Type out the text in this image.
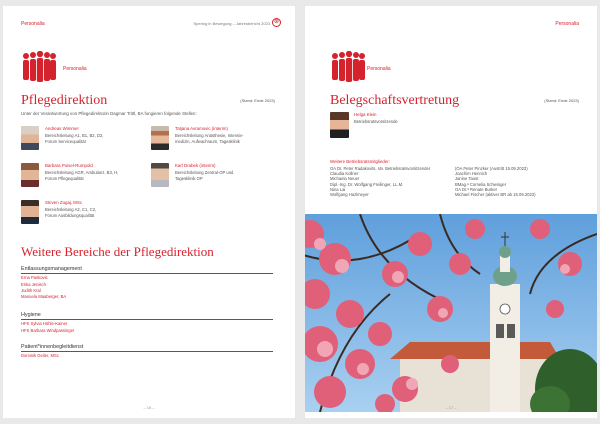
Personalia	Spering in Bewegung – Jahresbericht 2023 ⊗
Personalia
Pflegedirektion	(Stand: Ende 2023)
Unter der Verantwortung von Pflegedirektorin Dagmar Trittl, BA fungieren folgende Stellen:
Andreas Wimmer
Bereichsleitung A1, B1, B2, D2,
Forum Servicequalität
Tatjana Avramovic (interim)
Bereichsleitung Anästhesie, Intensiv-
medizin, Aufwachraum, Tagesklinik
Barbara Poisel-Rumpold
Bereichsleitung AGR, Ambulanz, B3, H,
Forum Pflegequalität
Karl Drabek (interim)
Bereichsleitung Zentral-OP und
Tagesklinik OP
Steven Zugaj, MSc
Bereichsleitung A2, C1, C2,
Forum Ausbildungsqualität
Weitere Bereiche der Pflegedirektion
Entlassungsmanagement
Erna Paskovic
Erika Jenisch
Judith Kral
Manuela Maaberger, BA
Hygiene
HFK Sylvia Höhle-Kainer
HFK Barbara Windpassinger
Patient*innenbegleitdienst
Dominik Geiler, MSc
– 16 –
Personalia
Personalia
Belegschaftsvertretung	(Stand: Ende 2023)
Helga Klein
Betriebsratsvorsitzende
Weitere Betriebsratsmitglieder:
OA Dr. Peter Radakovits, stv. Betriebsratsvorsitzender
Claudia Kollner
Michaela Neuer
Dipl.-Ing. Dr. Wolfgang Freilinger, LL.M.
Nina Lai
Wolfgang Hazlmeyer
(OA Peter Pinzker (Austritt 15.09.2023)
Joachim Hennich
Janine Taust
BMag.ª Cornelia Schwinger
OA Dr.ª Renate Burker
Michael Fischer (aktiver BR ab 15.09.2023)
– 17 –
